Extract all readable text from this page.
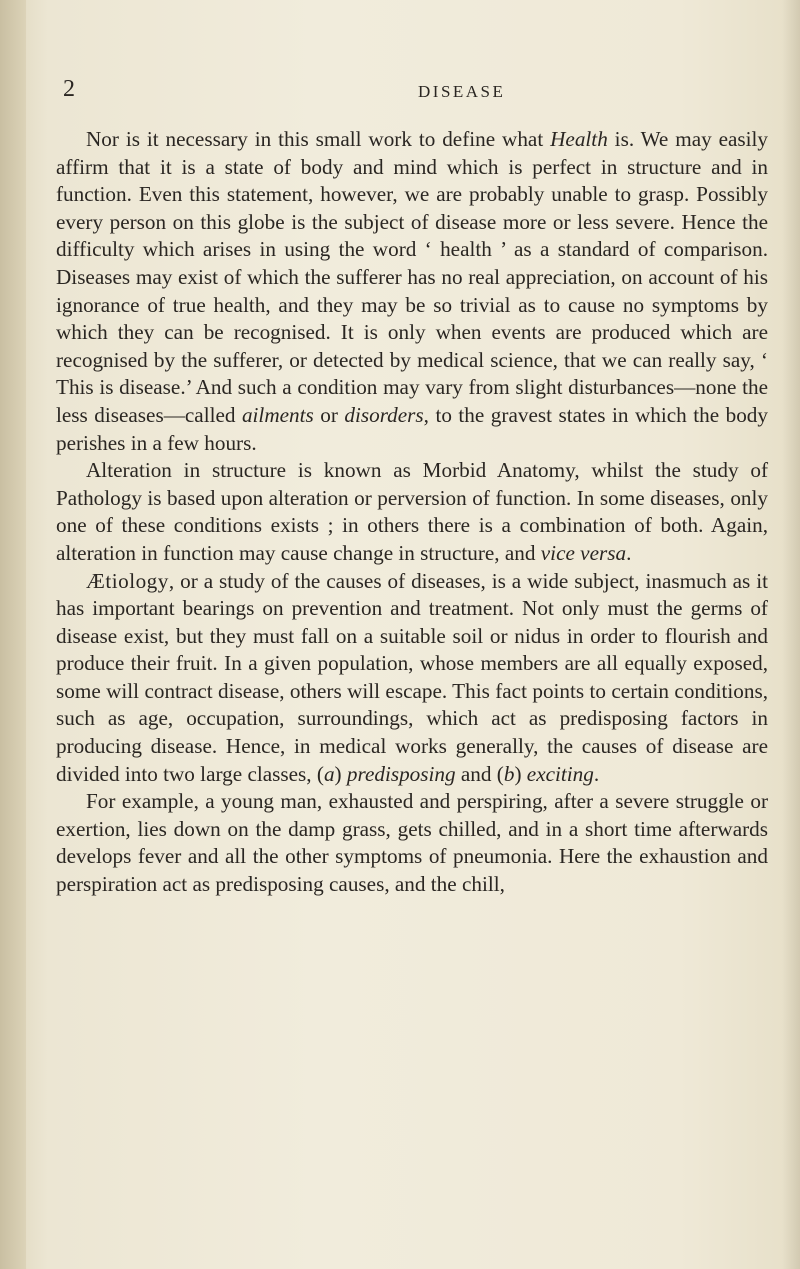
2	DISEASE

Nor is it necessary in this small work to define what Health is. We may easily affirm that it is a state of body and mind which is perfect in structure and in function. Even this statement, however, we are probably unable to grasp. Possibly every person on this globe is the subject of disease more or less severe. Hence the difficulty which arises in using the word ‘ health ’ as a standard of comparison. Diseases may exist of which the sufferer has no real appreciation, on account of his ignorance of true health, and they may be so trivial as to cause no symptoms by which they can be recognised. It is only when events are produced which are recognised by the sufferer, or detected by medical science, that we can really say, ‘ This is disease.’ And such a condition may vary from slight disturbances—none the less diseases—called ailments or disorders, to the gravest states in which the body perishes in a few hours.

Alteration in structure is known as Morbid Anatomy, whilst the study of Pathology is based upon alteration or perversion of function. In some diseases, only one of these conditions exists ; in others there is a combination of both. Again, alteration in function may cause change in structure, and vice versa.

Ætiology, or a study of the causes of diseases, is a wide subject, inasmuch as it has important bearings on prevention and treatment. Not only must the germs of disease exist, but they must fall on a suitable soil or nidus in order to flourish and produce their fruit. In a given population, whose members are all equally exposed, some will contract disease, others will escape. This fact points to certain conditions, such as age, occupation, surroundings, which act as predisposing factors in producing disease. Hence, in medical works generally, the causes of disease are divided into two large classes, (a) predisposing and (b) exciting.

For example, a young man, exhausted and perspiring, after a severe struggle or exertion, lies down on the damp grass, gets chilled, and in a short time afterwards develops fever and all the other symptoms of pneumonia. Here the exhaustion and perspiration act as predisposing causes, and the chill,
